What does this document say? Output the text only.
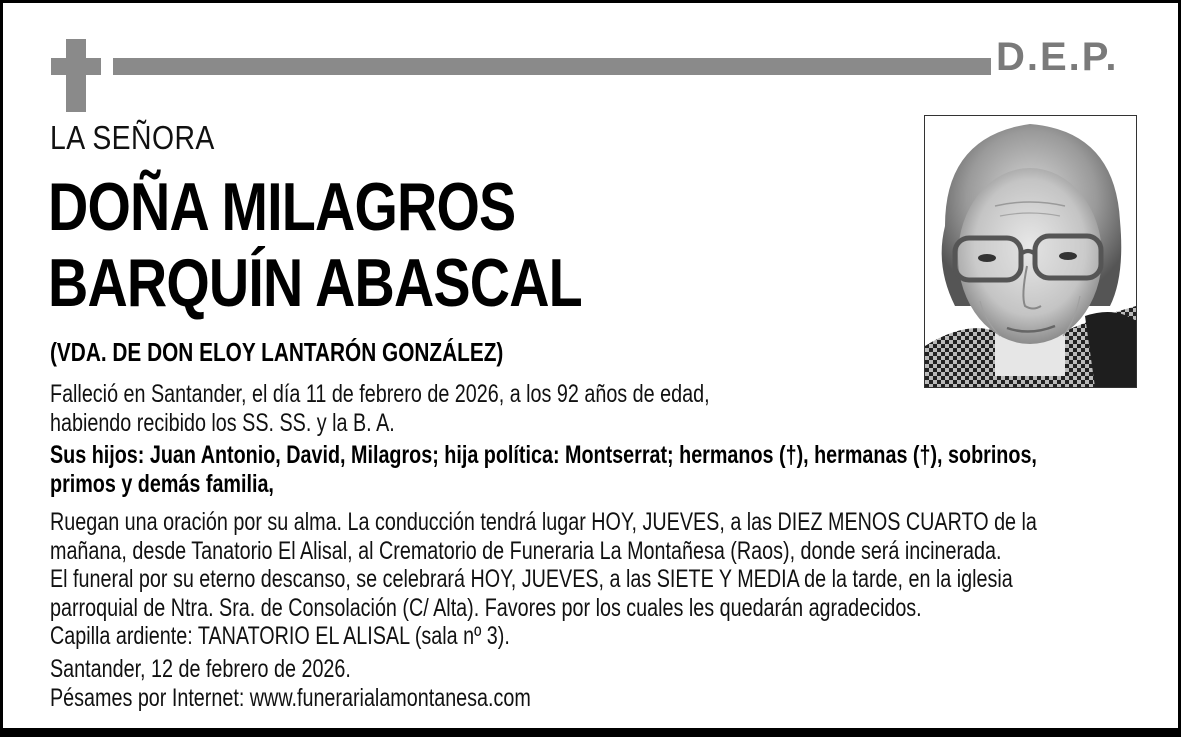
D.E.P.
LA SEÑORA
DOÑA MILAGROS
BARQUÍN ABASCAL
(VDA. DE DON ELOY LANTARÓN GONZÁLEZ)
Falleció en Santander, el día 11 de febrero de 2026, a los 92 años de edad,
habiendo recibido los SS. SS. y la B. A.
Sus hijos: Juan Antonio, David, Milagros; hija política: Montserrat; hermanos (†), hermanas (†), sobrinos,
primos y demás familia,
Ruegan una oración por su alma. La conducción tendrá lugar HOY, JUEVES, a las DIEZ MENOS CUARTO de la
mañana, desde Tanatorio El Alisal, al Crematorio de Funeraria La Montañesa (Raos), donde será incinerada.
El funeral por su eterno descanso, se celebrará HOY, JUEVES, a las SIETE Y MEDIA de la tarde, en la iglesia
parroquial de Ntra. Sra. de Consolación (C/ Alta). Favores por los cuales les quedarán agradecidos.
Capilla ardiente: TANATORIO EL ALISAL (sala nº 3).
Santander, 12 de febrero de 2026.
Pésames por Internet: www.funerarialamontanesa.com
